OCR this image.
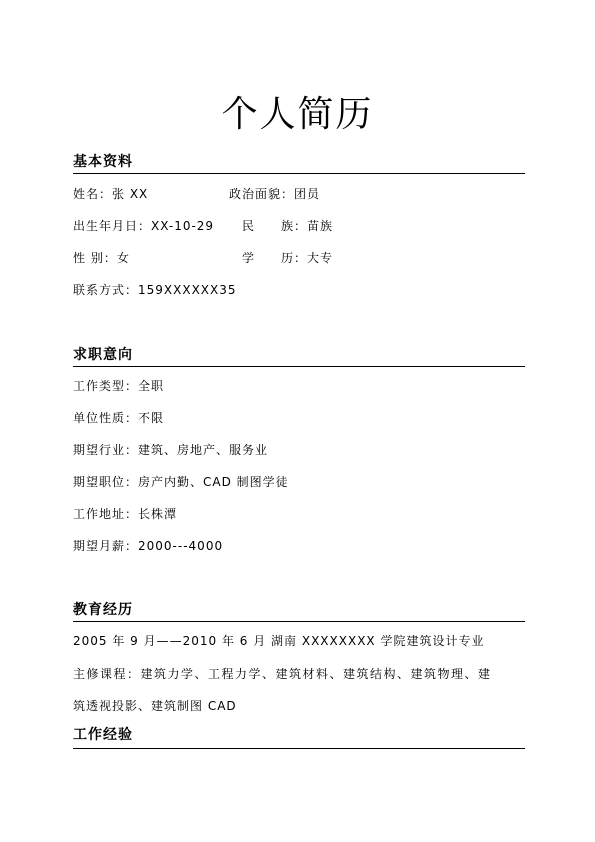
个人简历
基本资料
姓名：张 XX	政治面貌：团员
出生年月日：XX-10-29 民 族：苗族
性 别：女	学 历：大专
联系方式：159XXXXXX35
求职意向
工作类型：全职
单位性质：不限
期望行业：建筑、房地产、服务业
期望职位：房产内勤、CAD 制图学徒
工作地址：长株潭
期望月薪：2000---4000
教育经历
2005 年 9 月——2010 年 6 月 湖南 XXXXXXXX 学院建筑设计专业
主修课程：建筑力学、工程力学、建筑材料、建筑结构、建筑物理、建
筑透视投影、建筑制图 CAD
工作经验
